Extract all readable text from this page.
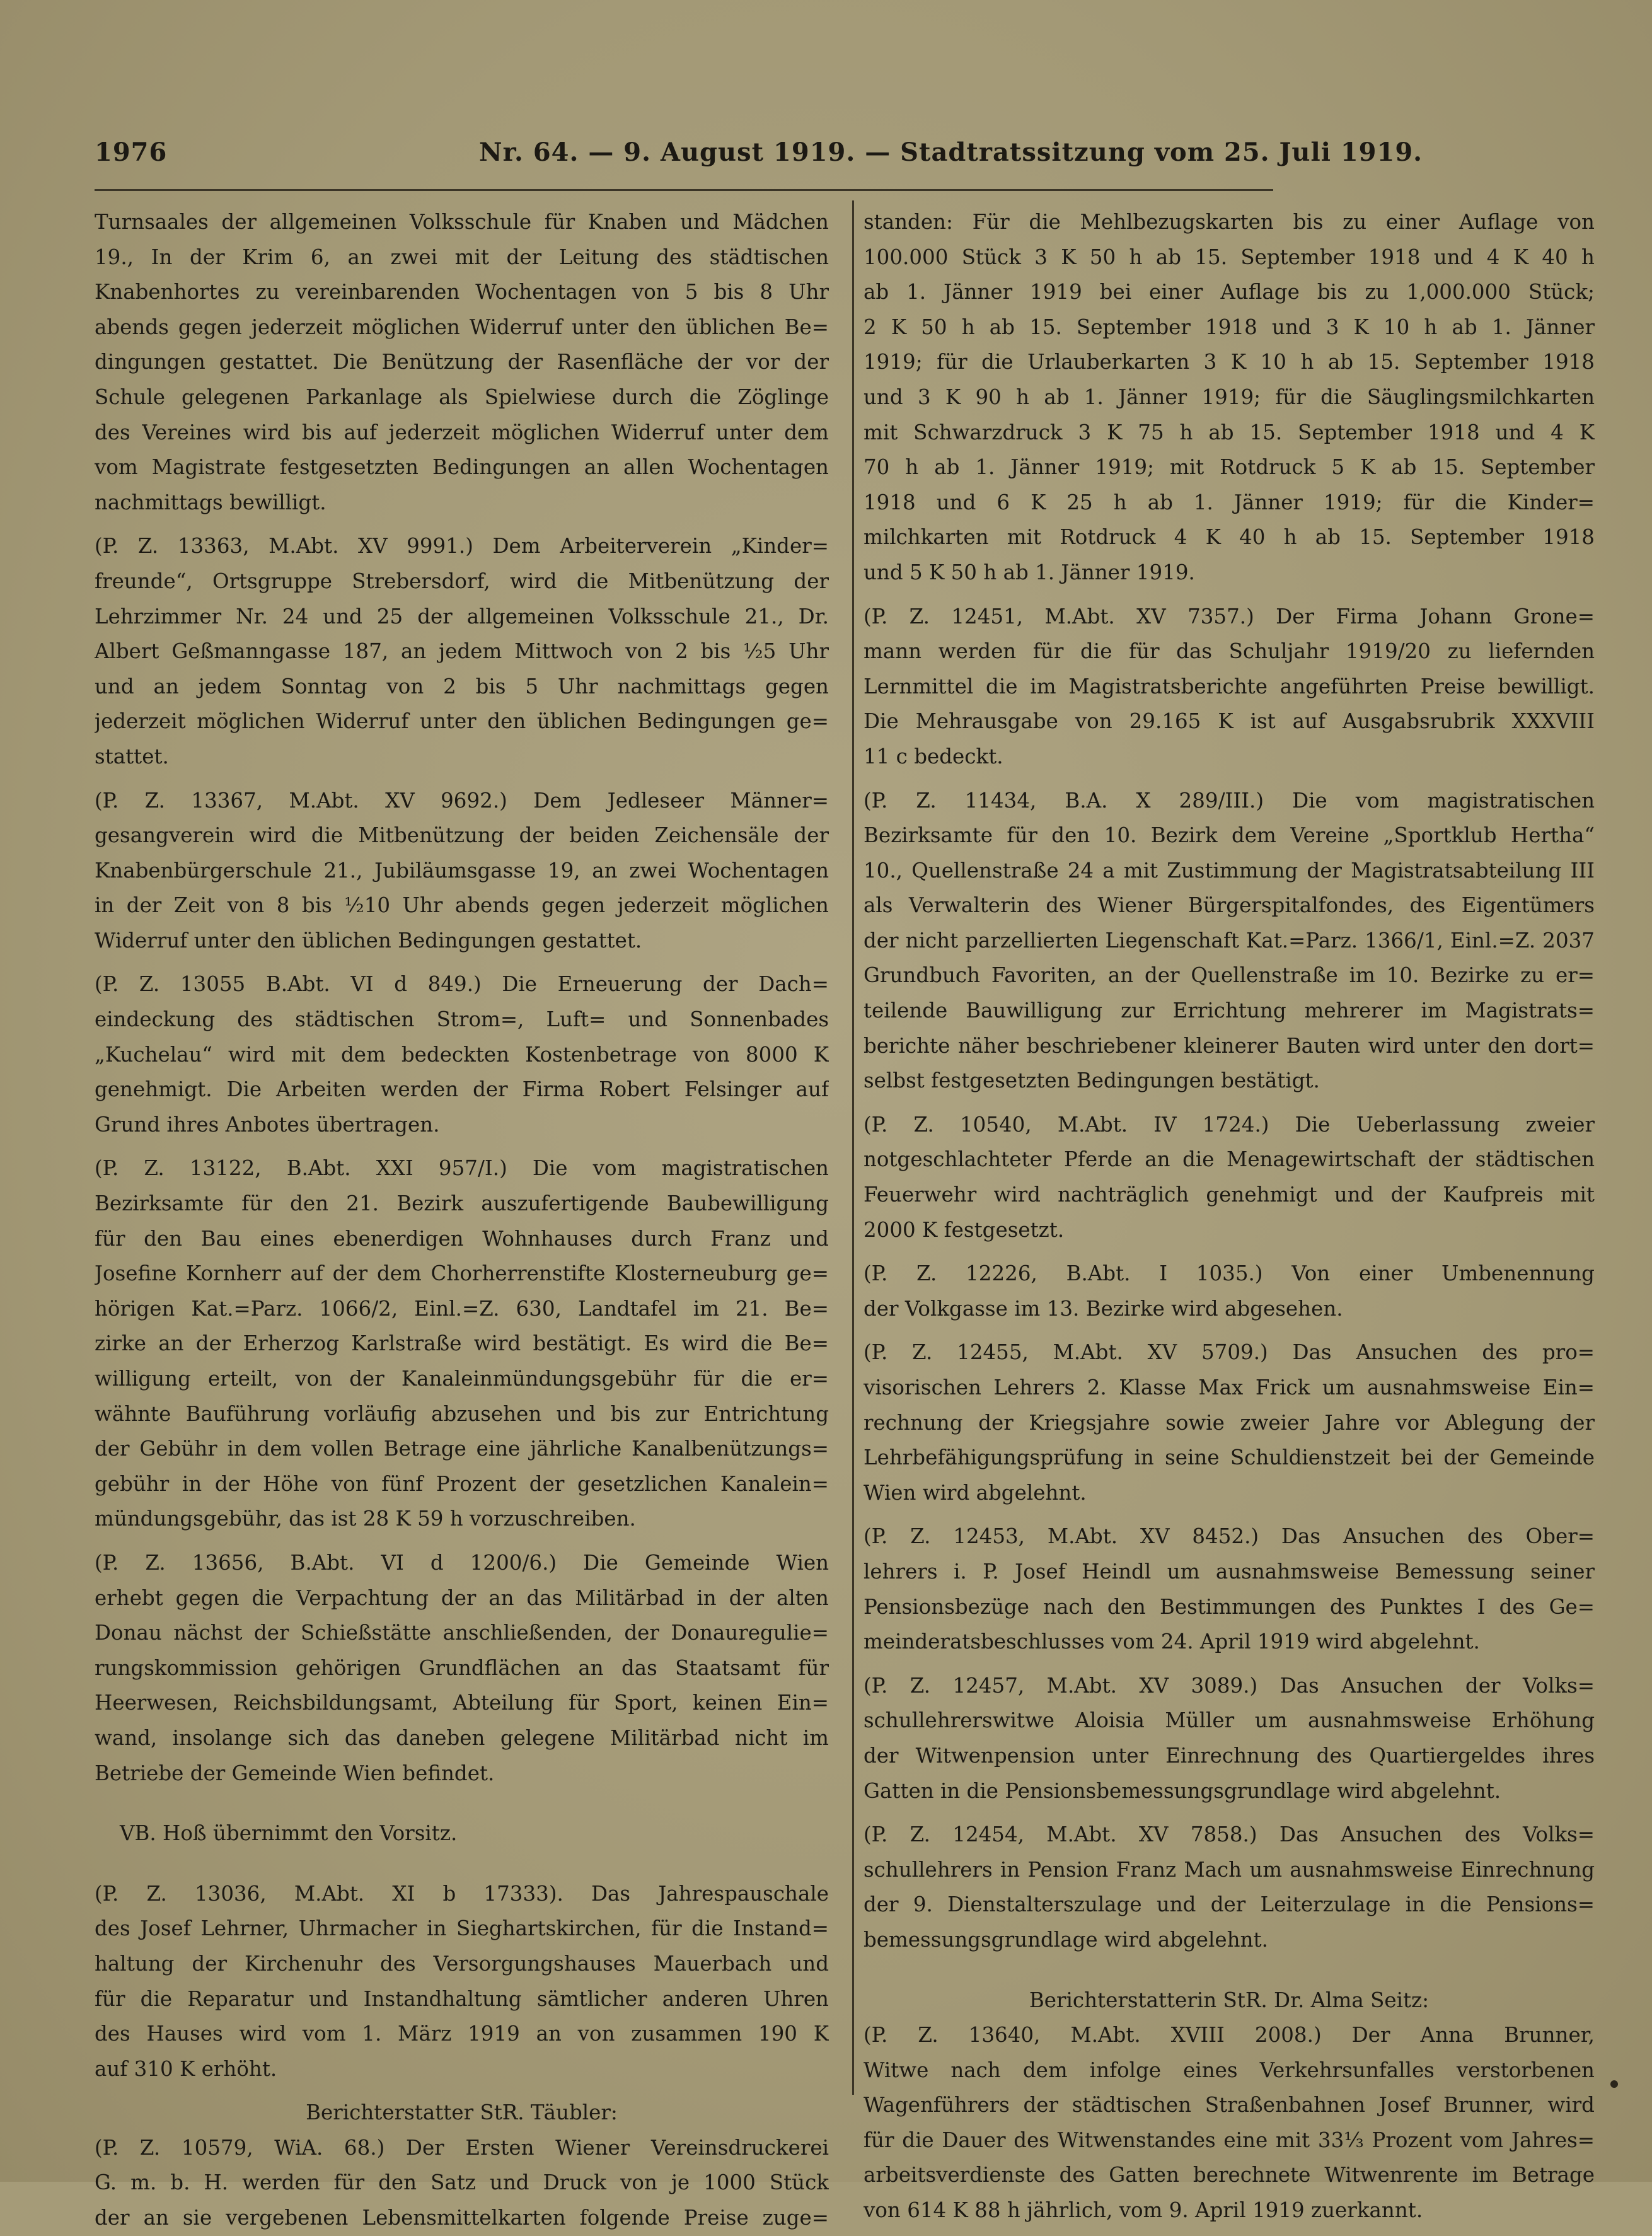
1976	Nr. 64. — 9. August 1919. — Stadtratssitzung vom 25. Juli 1919.

Turnsaales der allgemeinen Volksschule für Knaben und Mädchen

19., In der Krim 6, an zwei mit der Leitung des städtischen

Knabenhortes zu vereinbarenden Wochentagen von 5 bis 8 Uhr

abends gegen jederzeit möglichen Widerruf unter den üblichen Be=

dingungen gestattet. Die Benützung der Rasenfläche der vor der

Schule gelegenen Parkanlage als Spielwiese durch die Zöglinge

des Vereines wird bis auf jederzeit möglichen Widerruf unter dem

vom Magistrate festgesetzten Bedingungen an allen Wochentagen

nachmittags bewilligt.

(P. Z. 13363, M.Abt. XV 9991.) Dem Arbeiterverein „Kinder=

freunde“, Ortsgruppe Strebersdorf, wird die Mitbenützung der

Lehrzimmer Nr. 24 und 25 der allgemeinen Volksschule 21., Dr.

Albert Geßmanngasse 187, an jedem Mittwoch von 2 bis ½5 Uhr

und an jedem Sonntag von 2 bis 5 Uhr nachmittags gegen

jederzeit möglichen Widerruf unter den üblichen Bedingungen ge=

stattet.

(P. Z. 13367, M.Abt. XV 9692.) Dem Jedleseer Männer=

gesangverein wird die Mitbenützung der beiden Zeichensäle der

Knabenbürgerschule 21., Jubiläumsgasse 19, an zwei Wochentagen

in der Zeit von 8 bis ½10 Uhr abends gegen jederzeit möglichen

Widerruf unter den üblichen Bedingungen gestattet.

(P. Z. 13055 B.Abt. VI d 849.) Die Erneuerung der Dach=

eindeckung des städtischen Strom=, Luft= und Sonnenbades

„Kuchelau“ wird mit dem bedeckten Kostenbetrage von 8000 K

genehmigt. Die Arbeiten werden der Firma Robert Felsinger auf

Grund ihres Anbotes übertragen.

(P. Z. 13122, B.Abt. XXI 957/I.) Die vom magistratischen

Bezirksamte für den 21. Bezirk auszufertigende Baubewilligung

für den Bau eines ebenerdigen Wohnhauses durch Franz und

Josefine Kornherr auf der dem Chorherrenstifte Klosterneuburg ge=

hörigen Kat.=Parz. 1066/2, Einl.=Z. 630, Landtafel im 21. Be=

zirke an der Erherzog Karlstraße wird bestätigt. Es wird die Be=

willigung erteilt, von der Kanaleinmündungsgebühr für die er=

wähnte Bauführung vorläufig abzusehen und bis zur Entrichtung

der Gebühr in dem vollen Betrage eine jährliche Kanalbenützungs=

gebühr in der Höhe von fünf Prozent der gesetzlichen Kanalein=

mündungsgebühr, das ist 28 K 59 h vorzuschreiben.

(P. Z. 13656, B.Abt. VI d 1200/6.) Die Gemeinde Wien

erhebt gegen die Verpachtung der an das Militärbad in der alten

Donau nächst der Schießstätte anschließenden, der Donauregulie=

rungskommission gehörigen Grundflächen an das Staatsamt für

Heerwesen, Reichsbildungsamt, Abteilung für Sport, keinen Ein=

wand, insolange sich das daneben gelegene Militärbad nicht im

Betriebe der Gemeinde Wien befindet.

VB. Hoß übernimmt den Vorsitz.

(P. Z. 13036, M.Abt. XI b 17333). Das Jahrespauschale

des Josef Lehrner, Uhrmacher in Sieghartskirchen, für die Instand=

haltung der Kirchenuhr des Versorgungshauses Mauerbach und

für die Reparatur und Instandhaltung sämtlicher anderen Uhren

des Hauses wird vom 1. März 1919 an von zusammen 190 K

auf 310 K erhöht.

Berichterstatter StR. Täubler:

(P. Z. 10579, WiA. 68.) Der Ersten Wiener Vereinsdruckerei

G. m. b. H. werden für den Satz und Druck von je 1000 Stück

der an sie vergebenen Lebensmittelkarten folgende Preise zuge=

standen: Für die Mehlbezugskarten bis zu einer Auflage von

100.000 Stück 3 K 50 h ab 15. September 1918 und 4 K 40 h

ab 1. Jänner 1919 bei einer Auflage bis zu 1,000.000 Stück;

2 K 50 h ab 15. September 1918 und 3 K 10 h ab 1. Jänner

1919; für die Urlauberkarten 3 K 10 h ab 15. September 1918

und 3 K 90 h ab 1. Jänner 1919; für die Säuglingsmilchkarten

mit Schwarzdruck 3 K 75 h ab 15. September 1918 und 4 K

70 h ab 1. Jänner 1919; mit Rotdruck 5 K ab 15. September

1918 und 6 K 25 h ab 1. Jänner 1919; für die Kinder=

milchkarten mit Rotdruck 4 K 40 h ab 15. September 1918

und 5 K 50 h ab 1. Jänner 1919.

(P. Z. 12451, M.Abt. XV 7357.) Der Firma Johann Grone=

mann werden für die für das Schuljahr 1919/20 zu liefernden

Lernmittel die im Magistratsberichte angeführten Preise bewilligt.

Die Mehrausgabe von 29.165 K ist auf Ausgabsrubrik XXXVIII

11 c bedeckt.

(P. Z. 11434, B.A. X 289/III.) Die vom magistratischen

Bezirksamte für den 10. Bezirk dem Vereine „Sportklub Hertha“

10., Quellenstraße 24 a mit Zustimmung der Magistratsabteilung III

als Verwalterin des Wiener Bürgerspitalfondes, des Eigentümers

der nicht parzellierten Liegenschaft Kat.=Parz. 1366/1, Einl.=Z. 2037

Grundbuch Favoriten, an der Quellenstraße im 10. Bezirke zu er=

teilende Bauwilligung zur Errichtung mehrerer im Magistrats=

berichte näher beschriebener kleinerer Bauten wird unter den dort=

selbst festgesetzten Bedingungen bestätigt.

(P. Z. 10540, M.Abt. IV 1724.) Die Ueberlassung zweier

notgeschlachteter Pferde an die Menagewirtschaft der städtischen

Feuerwehr wird nachträglich genehmigt und der Kaufpreis mit

2000 K festgesetzt.

(P. Z. 12226, B.Abt. I 1035.) Von einer Umbenennung

der Volkgasse im 13. Bezirke wird abgesehen.

(P. Z. 12455, M.Abt. XV 5709.) Das Ansuchen des pro=

visorischen Lehrers 2. Klasse Max Frick um ausnahmsweise Ein=

rechnung der Kriegsjahre sowie zweier Jahre vor Ablegung der

Lehrbefähigungsprüfung in seine Schuldienstzeit bei der Gemeinde

Wien wird abgelehnt.

(P. Z. 12453, M.Abt. XV 8452.) Das Ansuchen des Ober=

lehrers i. P. Josef Heindl um ausnahmsweise Bemessung seiner

Pensionsbezüge nach den Bestimmungen des Punktes I des Ge=

meinderatsbeschlusses vom 24. April 1919 wird abgelehnt.

(P. Z. 12457, M.Abt. XV 3089.) Das Ansuchen der Volks=

schullehrerswitwe Aloisia Müller um ausnahmsweise Erhöhung

der Witwenpension unter Einrechnung des Quartiergeldes ihres

Gatten in die Pensionsbemessungsgrundlage wird abgelehnt.

(P. Z. 12454, M.Abt. XV 7858.) Das Ansuchen des Volks=

schullehrers in Pension Franz Mach um ausnahmsweise Einrechnung

der 9. Dienstalterszulage und der Leiterzulage in die Pensions=

bemessungsgrundlage wird abgelehnt.

Berichterstatterin StR. Dr. Alma Seitz:

(P. Z. 13640, M.Abt. XVIII 2008.) Der Anna Brunner,

Witwe nach dem infolge eines Verkehrsunfalles verstorbenen

Wagenführers der städtischen Straßenbahnen Josef Brunner, wird

für die Dauer des Witwenstandes eine mit 33⅓ Prozent vom Jahres=

arbeitsverdienste des Gatten berechnete Witwenrente im Betrage

von 614 K 88 h jährlich, vom 9. April 1919 zuerkannt.
